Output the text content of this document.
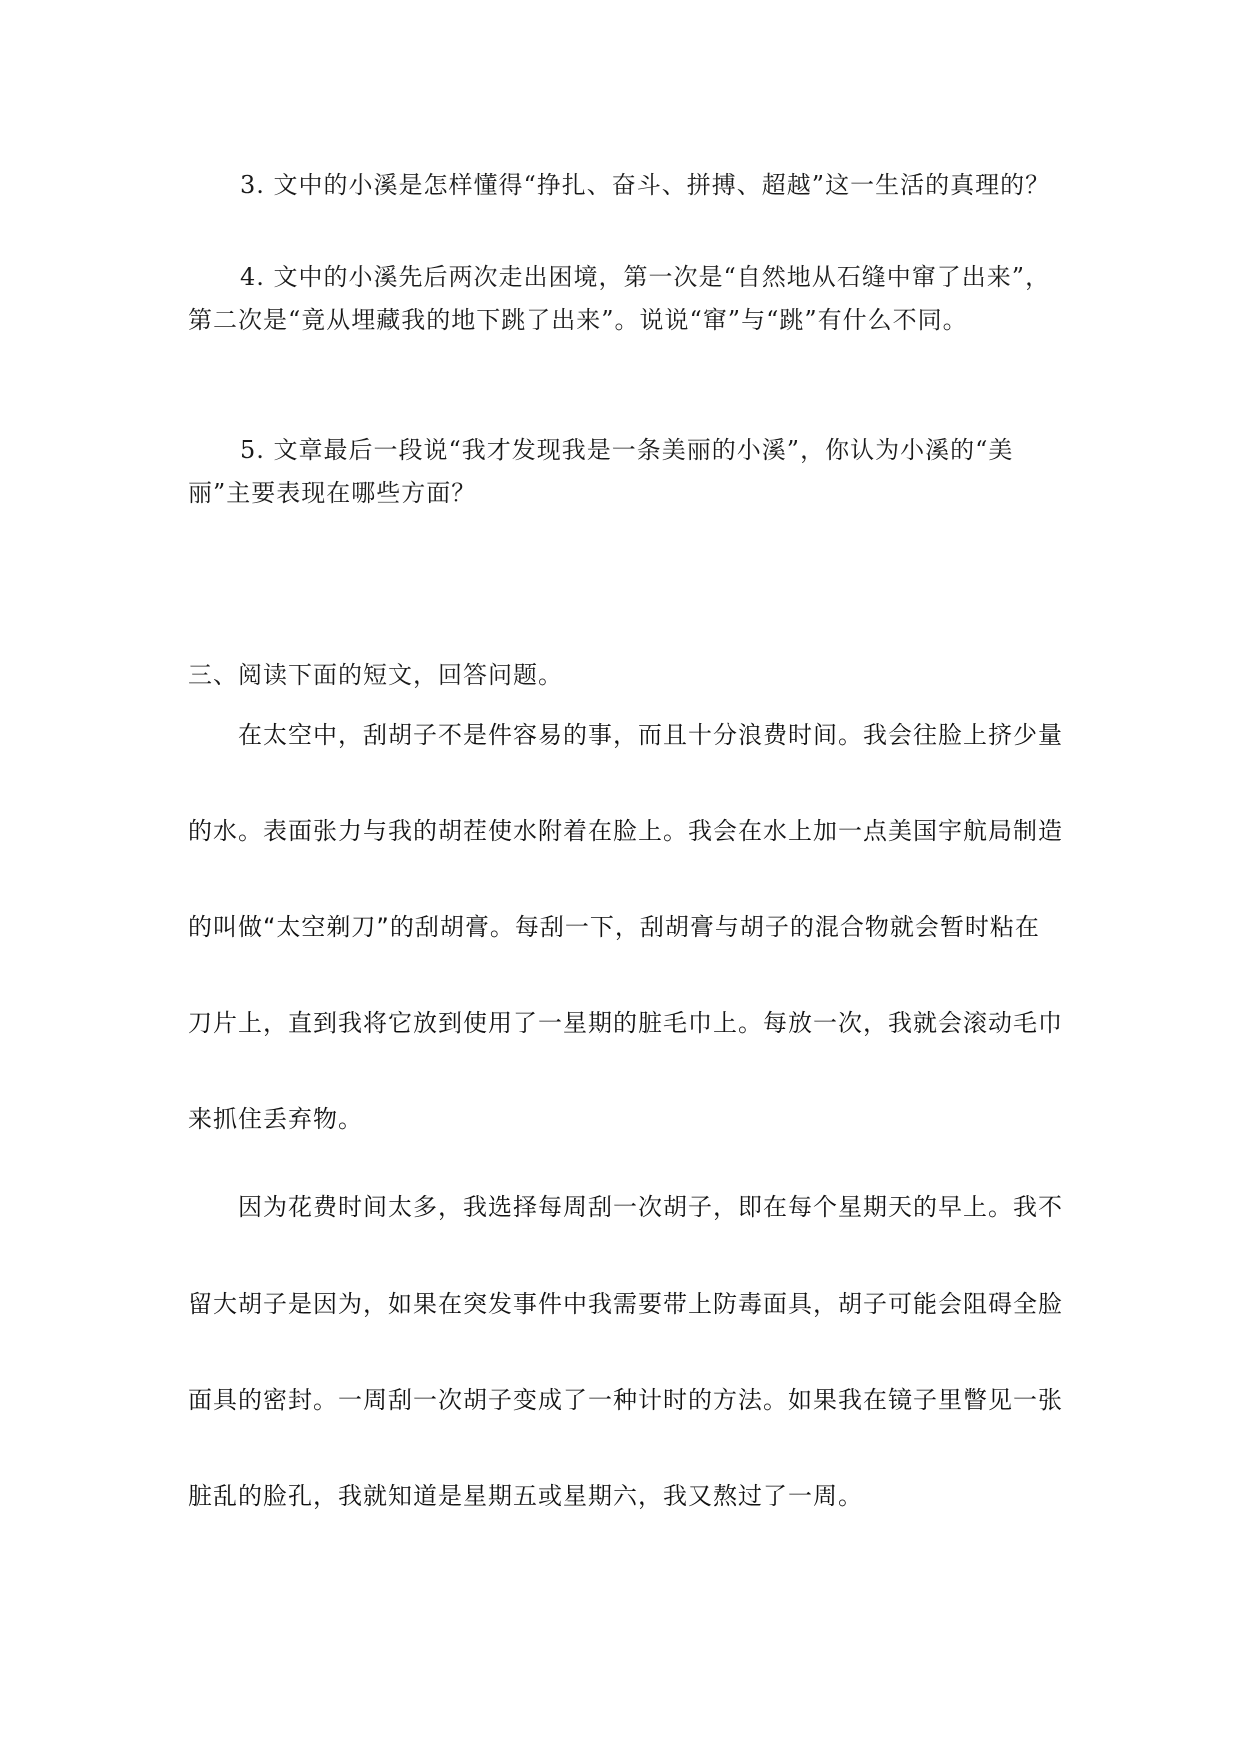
3. 文中的小溪是怎样懂得“挣扎、奋斗、拼搏、超越”这一生活的真理的？
4. 文中的小溪先后两次走出困境，第一次是“自然地从石缝中窜了出来”，
第二次是“竟从埋藏我的地下跳了出来”。说说“窜”与“跳”有什么不同。
5. 文章最后一段说“我才发现我是一条美丽的小溪”，你认为小溪的“美
丽”主要表现在哪些方面？
三、阅读下面的短文，回答问题。
在太空中，刮胡子不是件容易的事，而且十分浪费时间。我会往脸上挤少量
的水。表面张力与我的胡茬使水附着在脸上。我会在水上加一点美国宇航局制造
的叫做“太空剃刀”的刮胡膏。每刮一下，刮胡膏与胡子的混合物就会暂时粘在
刀片上，直到我将它放到使用了一星期的脏毛巾上。每放一次，我就会滚动毛巾
来抓住丢弃物。
因为花费时间太多，我选择每周刮一次胡子，即在每个星期天的早上。我不
留大胡子是因为，如果在突发事件中我需要带上防毒面具，胡子可能会阻碍全脸
面具的密封。一周刮一次胡子变成了一种计时的方法。如果我在镜子里瞥见一张
脏乱的脸孔，我就知道是星期五或星期六，我又熬过了一周。
